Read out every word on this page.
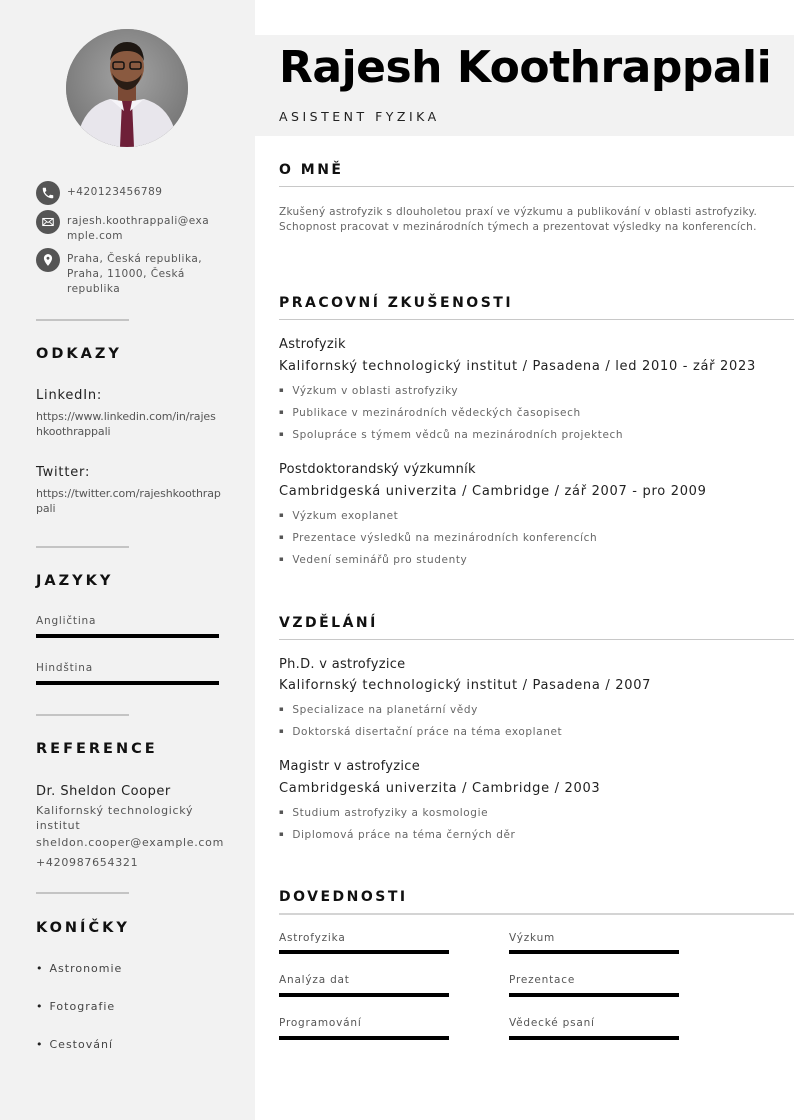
+420123456789
rajesh.koothrappali@example.com
Praha, Česká republika, Praha, 11000, Česká republika
ODKAZY
LinkedIn:
https://www.linkedin.com/in/rajeshkoothrappali
Twitter:
https://twitter.com/rajeshkoothrappali
JAZYKY
Angličtina
Hindština
REFERENCE
Dr. Sheldon Cooper
Kalifornský technologický institut
sheldon.cooper@example.com
+420987654321
KONÍČKY
• Astronomie
• Fotografie
• Cestování
Rajesh Koothrappali
ASISTENT FYZIKA
O MNĚ
Zkušený astrofyzik s dlouholetou praxí ve výzkumu a publikování v oblasti astrofyziky. Schopnost pracovat v mezinárodních týmech a prezentovat výsledky na konferencích.
PRACOVNÍ ZKUŠENOSTI
Astrofyzik
Kalifornský technologický institut / Pasadena / led 2010 - zář 2023
▪ Výzkum v oblasti astrofyziky
▪ Publikace v mezinárodních vědeckých časopisech
▪ Spolupráce s týmem vědců na mezinárodních projektech
Postdoktorandský výzkumník
Cambridgeská univerzita / Cambridge / zář 2007 - pro 2009
▪ Výzkum exoplanet
▪ Prezentace výsledků na mezinárodních konferencích
▪ Vedení seminářů pro studenty
VZDĚLÁNÍ
Ph.D. v astrofyzice
Kalifornský technologický institut / Pasadena / 2007
▪ Specializace na planetární vědy
▪ Doktorská disertační práce na téma exoplanet
Magistr v astrofyzice
Cambridgeská univerzita / Cambridge / 2003
▪ Studium astrofyziky a kosmologie
▪ Diplomová práce na téma černých děr
DOVEDNOSTI
Astrofyzika	Výzkum
Analýza dat	Prezentace
Programování	Vědecké psaní
